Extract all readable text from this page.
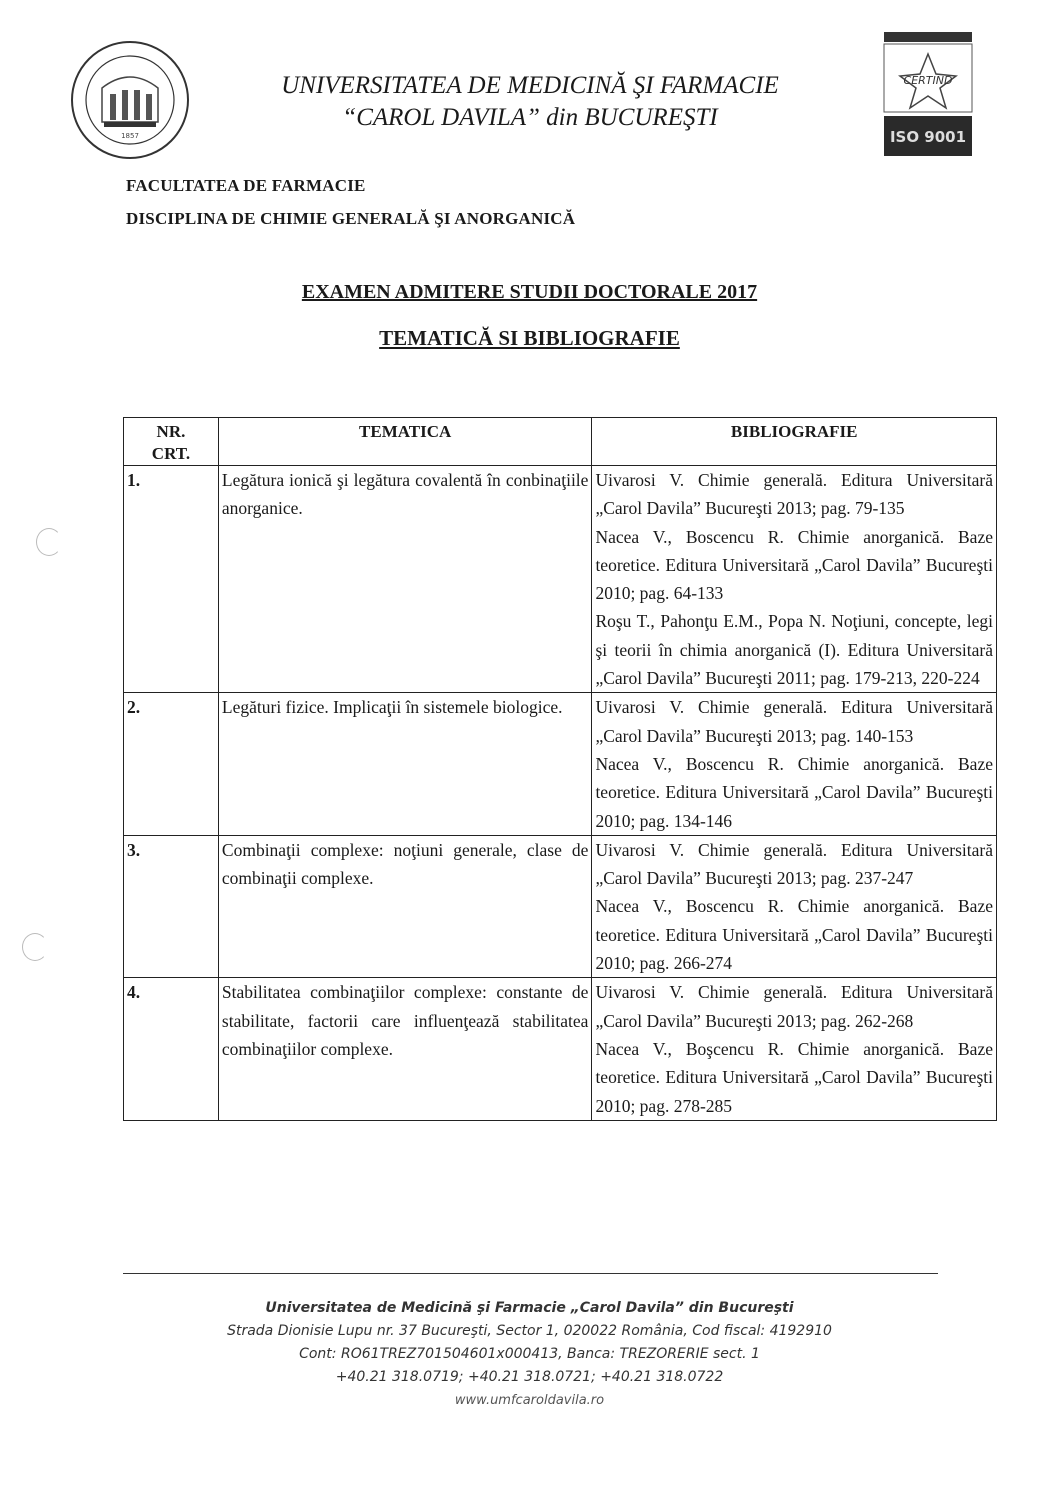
1857
UNIVERSITATEA DE MEDICINĂ ŞI FARMACIE
“CAROL DAVILA” din BUCUREŞTI
CERTIND
ISO 9001
FACULTATEA DE FARMACIE
DISCIPLINA DE CHIMIE GENERALĂ ŞI ANORGANICĂ
EXAMEN ADMITERE STUDII DOCTORALE 2017
TEMATICĂ SI BIBLIOGRAFIE
NR.
CRT.	TEMATICA	BIBLIOGRAFIE
1.	Legătura ionică şi legătura covalentă în conbinaţiile anorganice.	Uivarosi V. Chimie generală. Editura Universitară „Carol Davila” Bucureşti 2013; pag. 79-135
Nacea V., Boscencu R. Chimie anorganică. Baze teoretice. Editura Universitară „Carol Davila” Bucureşti 2010; pag. 64-133
Roşu T., Pahonţu E.M., Popa N. Noţiuni, concepte, legi şi teorii în chimia anorganică (I). Editura Universitară „Carol Davila” Bucureşti 2011; pag. 179-213, 220-224

2.	Legături fizice. Implicaţii în sistemele biologice.	Uivarosi V. Chimie generală. Editura Universitară „Carol Davila” Bucureşti 2013; pag. 140-153
Nacea V., Boscencu R. Chimie anorganică. Baze teoretice. Editura Universitară „Carol Davila” Bucureşti 2010; pag. 134-146

3.	Combinaţii complexe: noţiuni generale, clase de combinaţii complexe.	Uivarosi V. Chimie generală. Editura Universitară „Carol Davila” Bucureşti 2013; pag. 237-247
Nacea V., Boscencu R. Chimie anorganică. Baze teoretice. Editura Universitară „Carol Davila” Bucureşti 2010; pag. 266-274

4.	Stabilitatea combinaţiilor complexe: constante de stabilitate, factorii care influenţează stabilitatea combinaţiilor complexe.	Uivarosi V. Chimie generală. Editura Universitară „Carol Davila” Bucureşti 2013; pag. 262-268
Nacea V., Boşcencu R. Chimie anorganică. Baze teoretice. Editura Universitară „Carol Davila” Bucureşti 2010; pag. 278-285
Universitatea de Medicină şi Farmacie „Carol Davila” din Bucureşti
Strada Dionisie Lupu nr. 37 Bucureşti, Sector 1, 020022 România, Cod fiscal: 4192910
Cont: RO61TREZ701504601x000413, Banca: TREZORERIE sect. 1
+40.21 318.0719; +40.21 318.0721; +40.21 318.0722
www.umfcaroldavila.ro
